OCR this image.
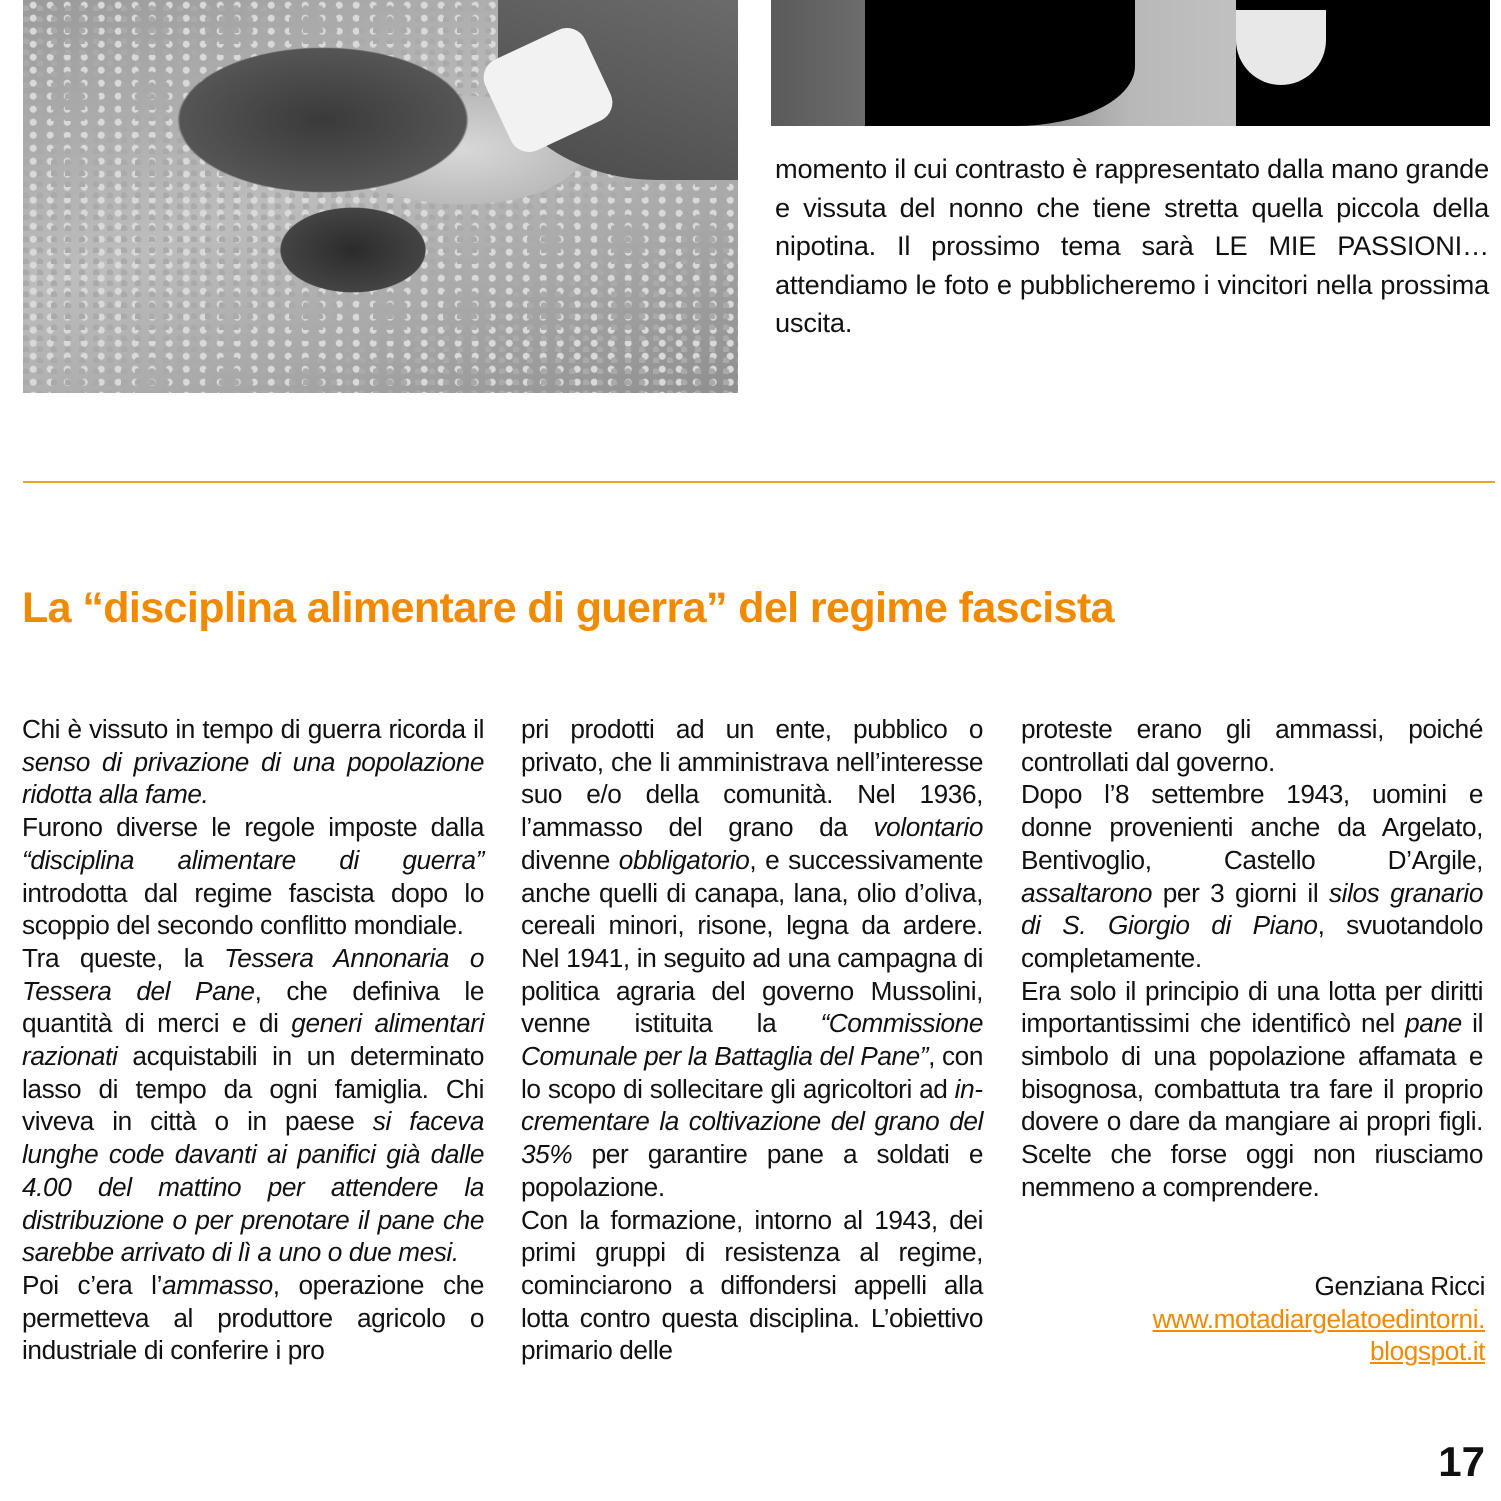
momento il cui contrasto è rappresentato dalla mano grande e vissuta del nonno che tiene stretta quella piccola della nipotina. Il prossimo tema sarà LE MIE PASSIONI… attendiamo le foto e pubblicheremo i vincitori nella prossima uscita.
La “disciplina alimentare di guerra” del regime fascista

Chi è vissuto in tempo di guerra ricorda il senso di privazione di una popolazione ridotta alla fame.

Furono diverse le regole imposte dalla “disciplina alimentare di guerra” introdotta dal regime fascista dopo lo scoppio del secondo conflitto mondiale.

Tra queste, la Tessera Annonaria o Tessera del Pane, che definiva le quantità di merci e di generi alimentari razionati acquistabili in un determinato lasso di tempo da ogni famiglia. Chi viveva in città o in paese si faceva lunghe code davanti ai panifici già dalle 4.00 del mattino per attendere la distribuzione o per prenotare il pane che sarebbe arrivato di lì a uno o due mesi.

Poi c’era l’ammasso, operazione che permetteva al produttore agricolo o industriale di conferire i pro

pri prodotti ad un ente, pubblico o privato, che li amministrava nell’interesse suo e/o della comunità. Nel 1936, l’ammasso del grano da volontario divenne obbligatorio, e successivamente anche quelli di canapa, lana, olio d’oliva, cereali minori, risone, legna da ardere. Nel 1941, in seguito ad una campagna di politica agraria del governo Mussolini, venne istituita la “Commissione Comunale per la Battaglia del Pane”, con lo scopo di sollecitare gli agricoltori ad incrementare la coltivazione del grano del 35% per garantire pane a soldati e popolazione.

Con la formazione, intorno al 1943, dei primi gruppi di resistenza al regime, cominciarono a diffondersi appelli alla lotta contro questa disciplina. L’obiettivo primario delle

proteste erano gli ammassi, poiché controllati dal governo.

Dopo l’8 settembre 1943, uomini e donne provenienti anche da Argelato, Bentivoglio, Castello D’Argile, assaltarono per 3 giorni il silos granario di S. Giorgio di Piano, svuotandolo completamente.

Era solo il principio di una lotta per diritti importantissimi che identificò nel pane il simbolo di una popolazione affamata e bisognosa, combattuta tra fare il proprio dovere o dare da mangiare ai propri figli. Scelte che forse oggi non riusciamo nemmeno a comprendere.

Genziana Ricci
www.motadiargelatoedintorni.
blogspot.it
17
